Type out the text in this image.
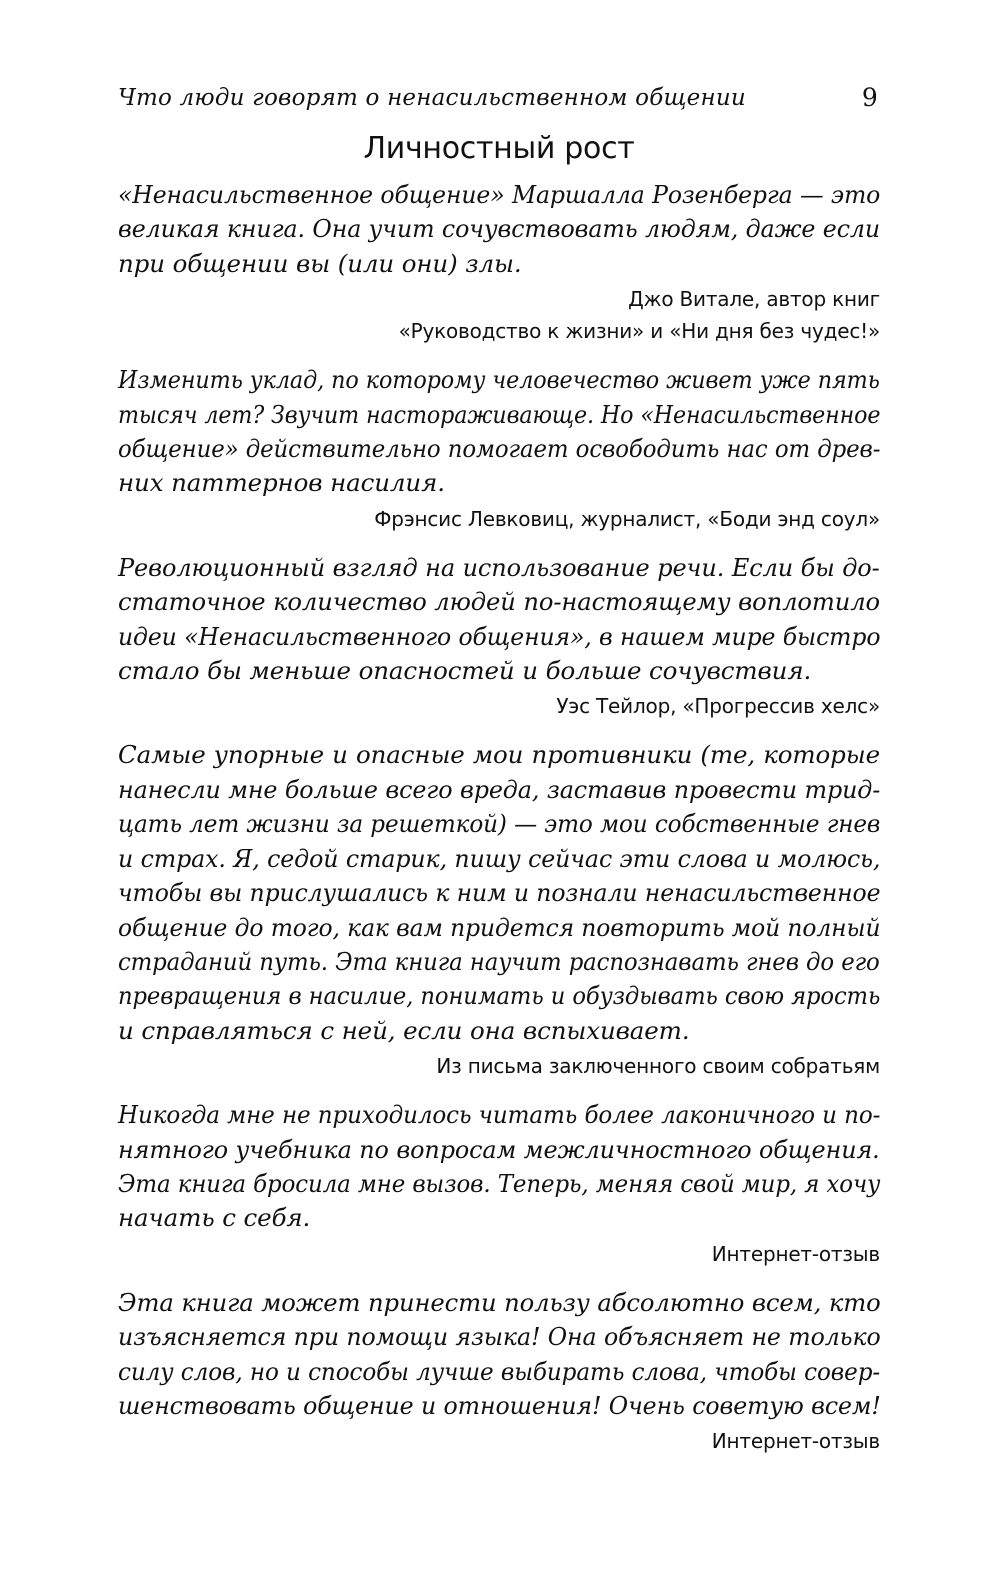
Что люди говорят о ненасильственном общении	9
Личностный рост
«Ненасильственное общение» Маршалла Розенберга — это
великая книга. Она учит сочувствовать людям, даже если
при общении вы (или они) злы.
Джо Витале, автор книг
«Руководство к жизни» и «Ни дня без чудес!»
Изменить уклад, по которому человечество живет уже пять
тысяч лет? Звучит настораживающе. Но «Ненасильственное
общение» действительно помогает освободить нас от древ-
них паттернов насилия.
Фрэнсис Левковиц, журналист, «Боди энд соул»
Революционный взгляд на использование речи. Если бы до-
статочное количество людей по-настоящему воплотило
идеи «Ненасильственного общения», в нашем мире быстро
стало бы меньше опасностей и больше сочувствия.
Уэс Тейлор, «Прогрессив хелс»
Самые упорные и опасные мои противники (те, которые
нанесли мне больше всего вреда, заставив провести трид-
цать лет жизни за решеткой) — это мои собственные гнев
и страх. Я, седой старик, пишу сейчас эти слова и молюсь,
чтобы вы прислушались к ним и познали ненасильственное
общение до того, как вам придется повторить мой полный
страданий путь. Эта книга научит распознавать гнев до его
превращения в насилие, понимать и обуздывать свою ярость
и справляться с ней, если она вспыхивает.
Из письма заключенного своим собратьям
Никогда мне не приходилось читать более лаконичного и по-
нятного учебника по вопросам межличностного общения.
Эта книга бросила мне вызов. Теперь, меняя свой мир, я хочу
начать с себя.
Интернет-отзыв
Эта книга может принести пользу абсолютно всем, кто
изъясняется при помощи языка! Она объясняет не только
силу слов, но и способы лучше выбирать слова, чтобы совер-
шенствовать общение и отношения! Очень советую всем!
Интернет-отзыв
